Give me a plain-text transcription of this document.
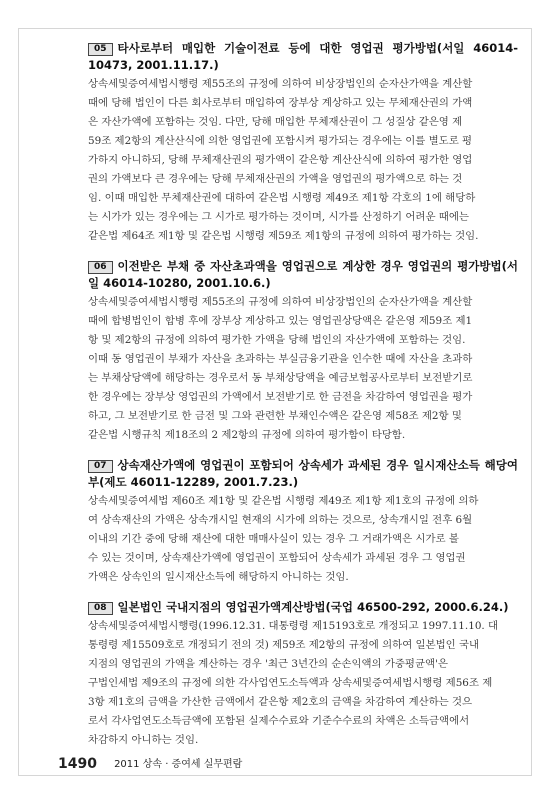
05 타사로부터 매입한 기술이전료 등에 대한 영업권 평가방법(서일 46014-10473, 2001.11.17.)
상속세및증여세법시행령 제55조의 규정에 의하여 비상장법인의 순자산가액을 계산할
때에 당해 법인이 다른 회사로부터 매입하여 장부상 계상하고 있는 무체재산권의 가액
은 자산가액에 포함하는 것임. 다만, 당해 매입한 무체재산권이 그 성질상 같은영 제
59조 제2항의 계산산식에 의한 영업권에 포함시켜 평가되는 경우에는 이를 별도로 평
가하지 아니하되, 당해 무체재산권의 평가액이 같은항 계산산식에 의하여 평가한 영업
권의 가액보다 큰 경우에는 당해 무체재산권의 가액을 영업권의 평가액으로 하는 것
임. 이때 매입한 무체재산권에 대하여 같은법 시행령 제49조 제1항 각호의 1에 해당하
는 시가가 있는 경우에는 그 시가로 평가하는 것이며, 시가를 산정하기 어려운 때에는
같은법 제64조 제1항 및 같은법 시행령 제59조 제1항의 규정에 의하여 평가하는 것임.
06 이전받은 부채 중 자산초과액을 영업권으로 계상한 경우 영업권의 평가방법(서일 46014-10280, 2001.10.6.)
상속세및증여세법시행령 제55조의 규정에 의하여 비상장법인의 순자산가액을 계산할
때에 합병법인이 합병 후에 장부상 계상하고 있는 영업권상당액은 같은영 제59조 제1
항 및 제2항의 규정에 의하여 평가한 가액을 당해 법인의 자산가액에 포함하는 것임.
이때 동 영업권이 부채가 자산을 초과하는 부실금융기관을 인수한 때에 자산을 초과하
는 부채상당액에 해당하는 경우로서 동 부채상당액을 예금보험공사로부터 보전받기로
한 경우에는 장부상 영업권의 가액에서 보전받기로 한 금전을 차감하여 영업권을 평가
하고, 그 보전받기로 한 금전 및 그와 관련한 부채인수액은 같은영 제58조 제2항 및
같은법 시행규칙 제18조의 2 제2항의 규정에 의하여 평가함이 타당함.
07 상속재산가액에 영업권이 포함되어 상속세가 과세된 경우 일시재산소득 해당여부(제도 46011-12289, 2001.7.23.)
상속세및증여세법 제60조 제1항 및 같은법 시행령 제49조 제1항 제1호의 규정에 의하
여 상속재산의 가액은 상속개시일 현재의 시가에 의하는 것으로, 상속개시일 전후 6월
이내의 기간 중에 당해 재산에 대한 매매사실이 있는 경우 그 거래가액은 시가로 볼
수 있는 것이며, 상속재산가액에 영업권이 포함되어 상속세가 과세된 경우 그 영업권
가액은 상속인의 일시재산소득에 해당하지 아니하는 것임.
08 일본법인 국내지점의 영업권가액계산방법(국업 46500-292, 2000.6.24.)
상속세및증여세법시행령(1996.12.31. 대통령령 제15193호로 개정되고 1997.11.10. 대
통령령 제15509호로 개정되기 전의 것) 제59조 제2항의 규정에 의하여 일본법인 국내
지점의 영업권의 가액을 계산하는 경우 '최근 3년간의 순손익액의 가중평균액'은
구법인세법 제9조의 규정에 의한 각사업연도소득액과 상속세및증여세법시행령 제56조 제
3항 제1호의 금액을 가산한 금액에서 같은항 제2호의 금액을 차감하여 계산하는 것으
로서 각사업연도소득금액에 포함된 실제수수료와 기준수수료의 차액은 소득금액에서
차감하지 아니하는 것임.
1490 2011 상속 · 증여세 실무편람
